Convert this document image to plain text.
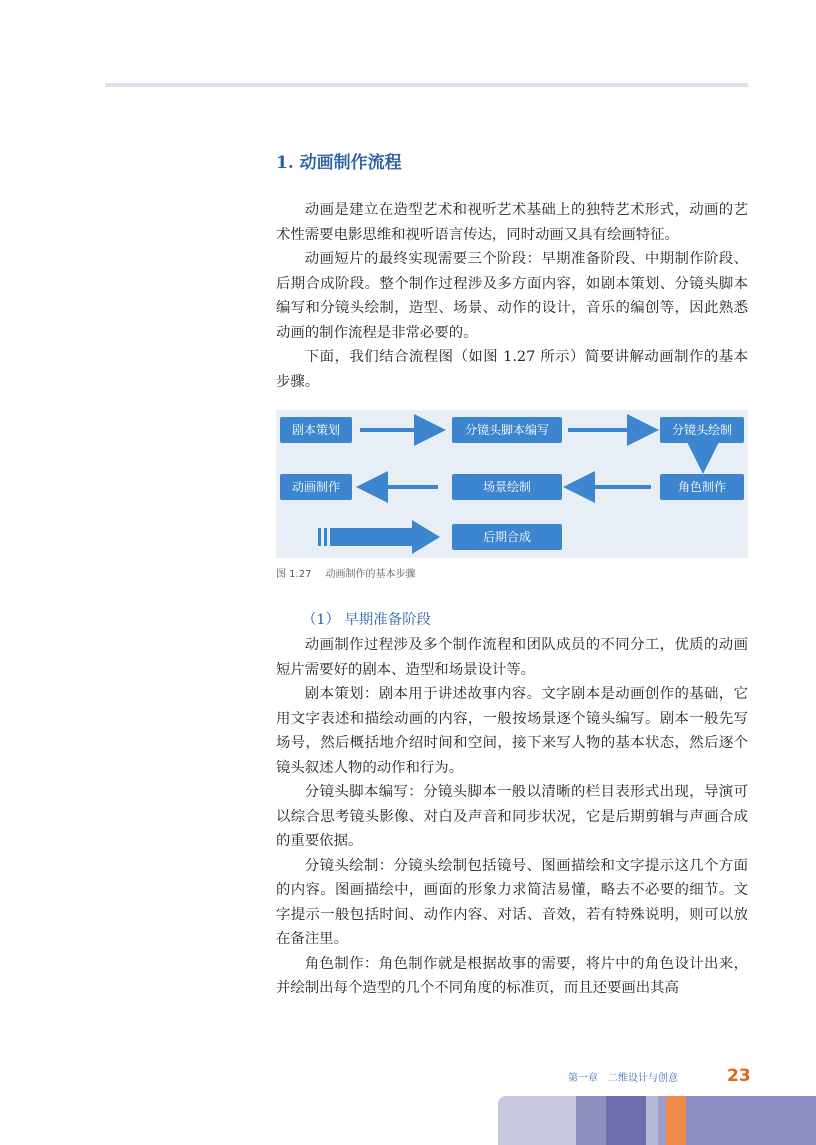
1. 动画制作流程

动画是建立在造型艺术和视听艺术基础上的独特艺术形式，动画的艺术性需要电影思维和视听语言传达，同时动画又具有绘画特征。

动画短片的最终实现需要三个阶段：早期准备阶段、中期制作阶段、后期合成阶段。整个制作过程涉及多方面内容，如剧本策划、分镜头脚本编写和分镜头绘制，造型、场景、动作的设计，音乐的编创等，因此熟悉动画的制作流程是非常必要的。

下面，我们结合流程图（如图 1.27 所示）简要讲解动画制作的基本步骤。

剧本策划	分镜头脚本编写	分镜头绘制
角色制作
场景绘制
动画制作
后期合成
图 1.27 动画制作的基本步骤
（1） 早期准备阶段

动画制作过程涉及多个制作流程和团队成员的不同分工，优质的动画短片需要好的剧本、造型和场景设计等。

剧本策划：剧本用于讲述故事内容。文字剧本是动画创作的基础，它用文字表述和描绘动画的内容，一般按场景逐个镜头编写。剧本一般先写场号，然后概括地介绍时间和空间，接下来写人物的基本状态，然后逐个镜头叙述人物的动作和行为。

分镜头脚本编写：分镜头脚本一般以清晰的栏目表形式出现，导演可以综合思考镜头影像、对白及声音和同步状况，它是后期剪辑与声画合成的重要依据。

分镜头绘制：分镜头绘制包括镜号、图画描绘和文字提示这几个方面的内容。图画描绘中，画面的形象力求简洁易懂，略去不必要的细节。文字提示一般包括时间、动作内容、对话、音效，若有特殊说明，则可以放在备注里。

角色制作：角色制作就是根据故事的需要，将片中的角色设计出来，并绘制出每个造型的几个不同角度的标准页，而且还要画出其高

第一章　二维设计与创意	23
